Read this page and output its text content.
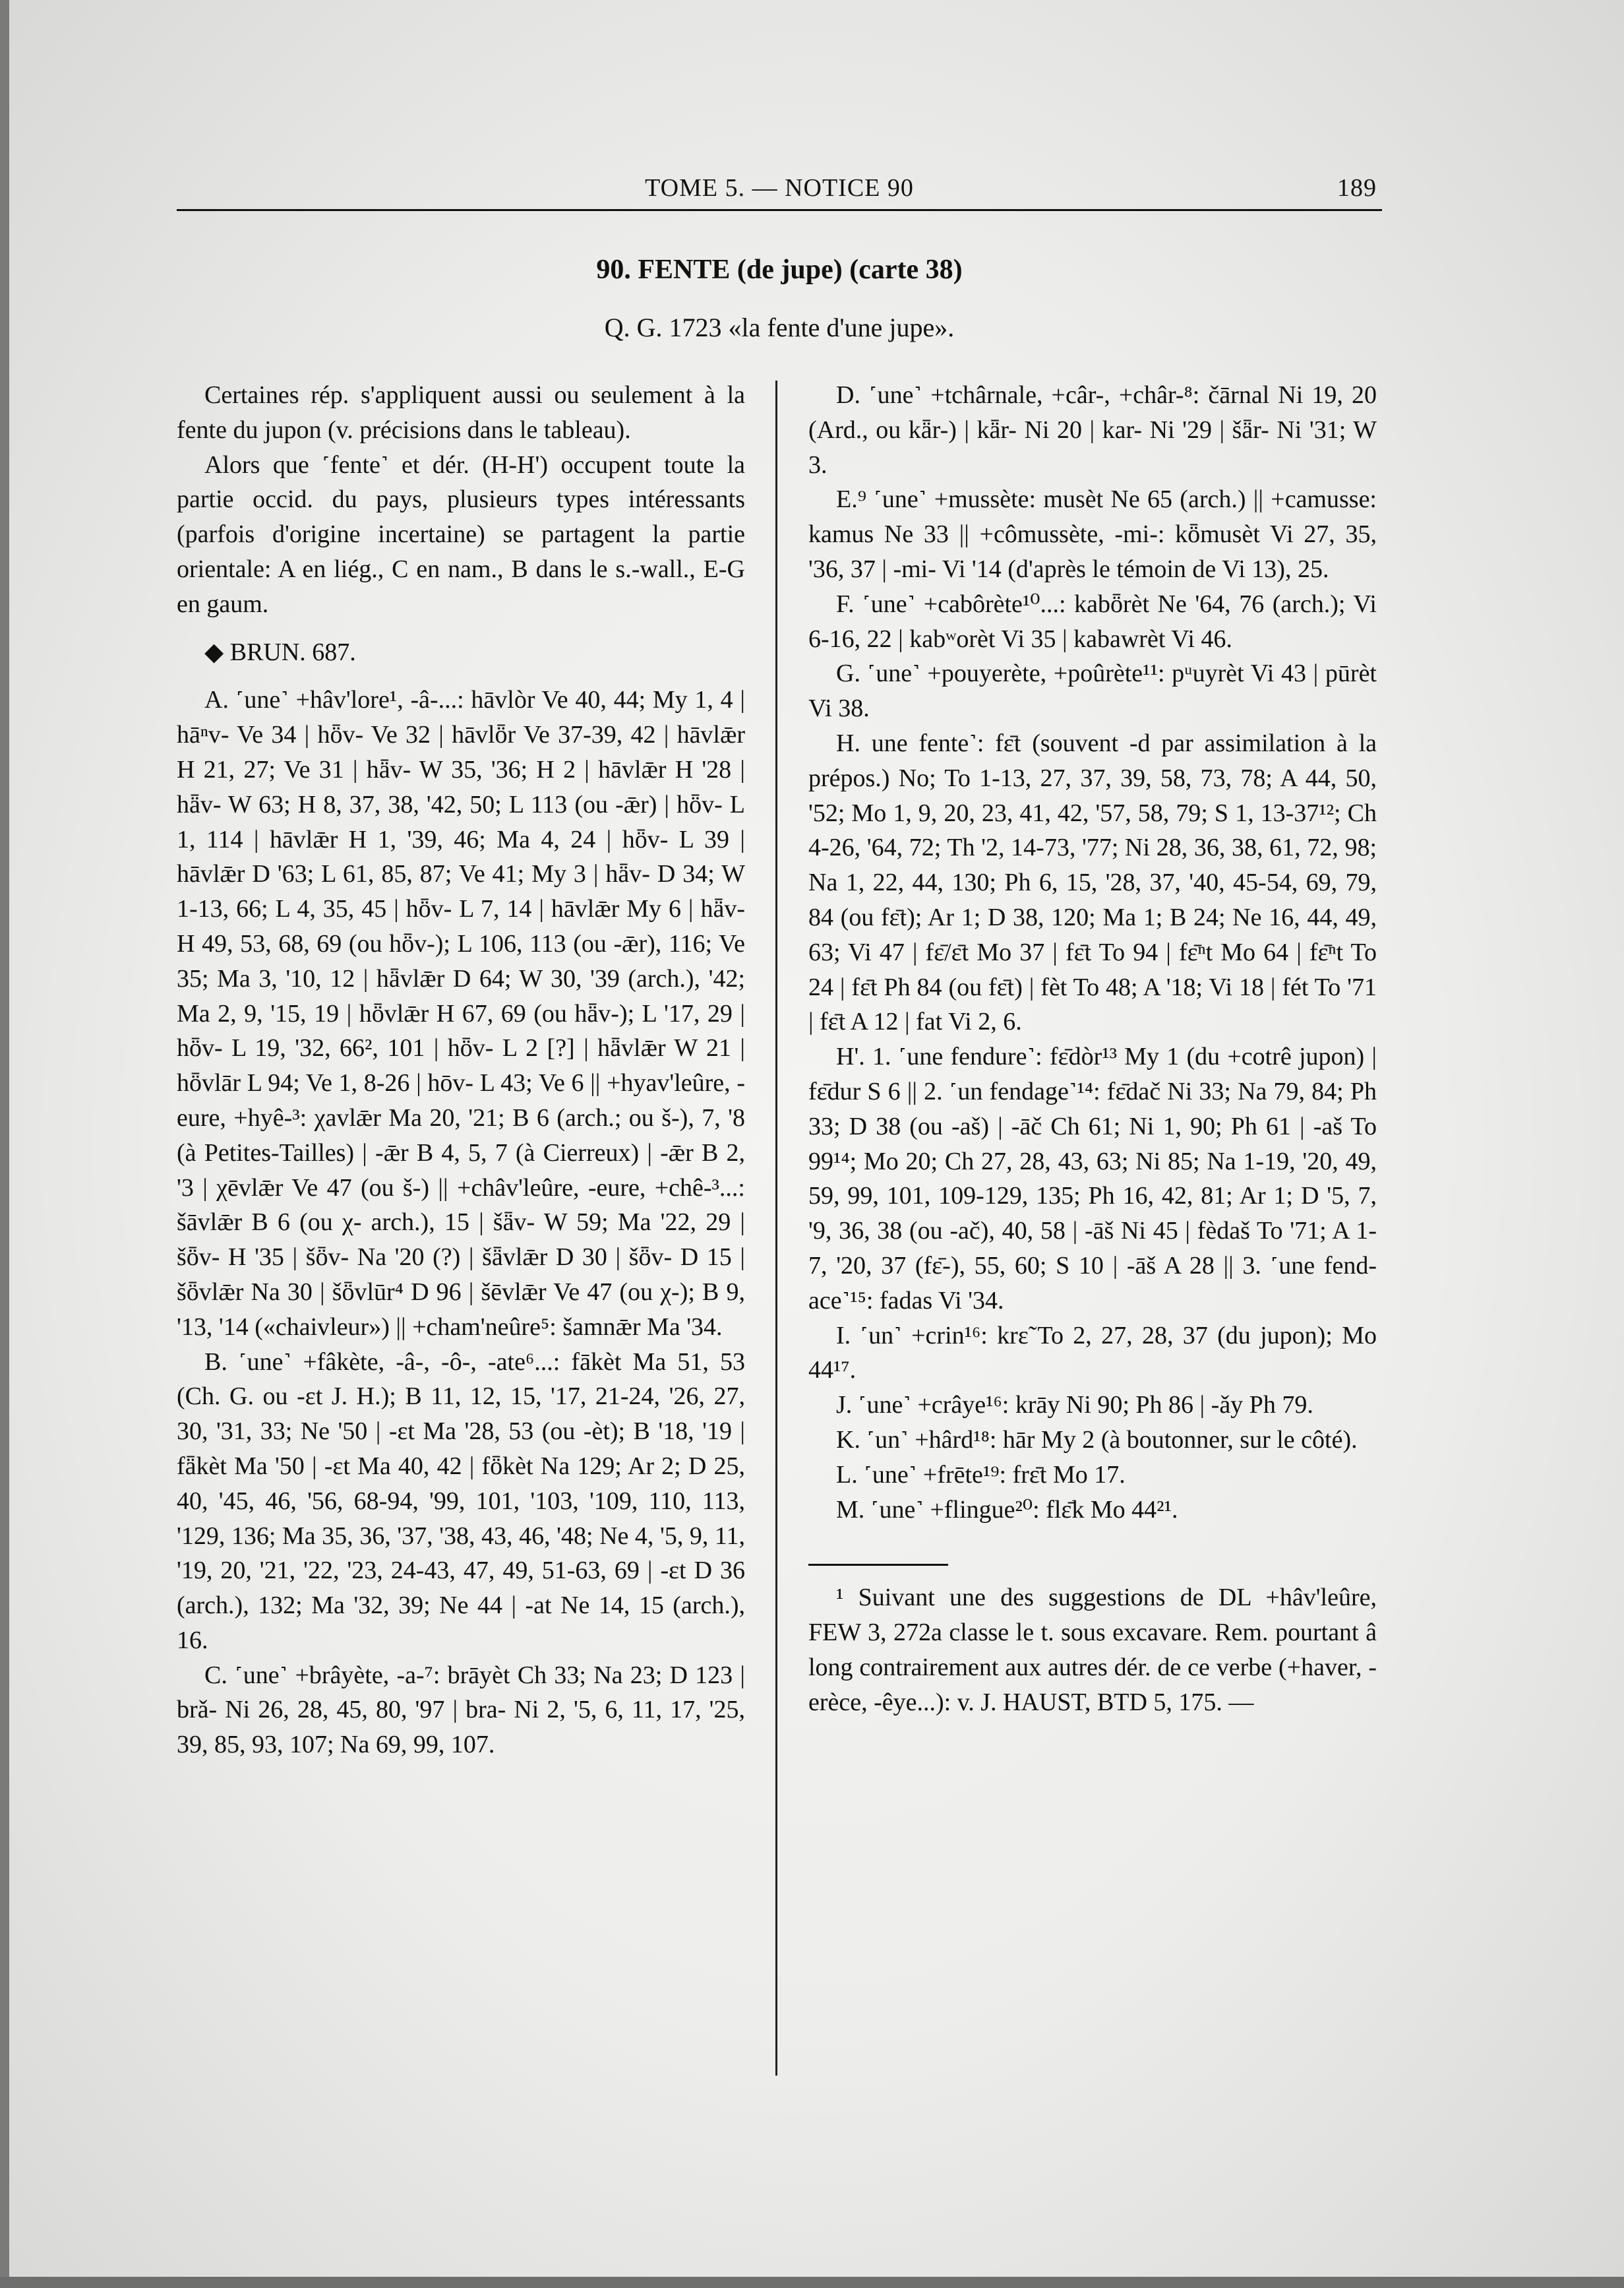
TOME 5. — NOTICE 90	189
90. FENTE (de jupe) (carte 38)
Q. G. 1723 «la fente d'une jupe».

Certaines rép. s'appliquent aussi ou seulement à la fente du jupon (v. précisions dans le tableau).

Alors que ˹fente˺ et dér. (H-H') occupent toute la partie occid. du pays, plusieurs types intéressants (parfois d'origine incertaine) se partagent la partie orientale: A en liég., C en nam., B dans le s.-wall., E-G en gaum.

◆ BRUN. 687.

A. ˹une˺ +hâv'lore¹, -â-...: hāvlòr Ve 40, 44; My 1, 4 | hāⁿv- Ve 34 | hȫv- Ve 32 | hāvlȫr Ve 37-39, 42 | hāvlǣr H 21, 27; Ve 31 | hǟv- W 35, '36; H 2 | hāvlǣr H '28 | hǟv- W 63; H 8, 37, 38, '42, 50; L 113 (ou -ǣr) | hȫv- L 1, 114 | hāvlǣr H 1, '39, 46; Ma 4, 24 | hȫv- L 39 | hāvlǣr D '63; L 61, 85, 87; Ve 41; My 3 | hǟv- D 34; W 1-13, 66; L 4, 35, 45 | hȫv- L 7, 14 | hāvlǣr My 6 | hǟv- H 49, 53, 68, 69 (ou hȫv-); L 106, 113 (ou -ǣr), 116; Ve 35; Ma 3, '10, 12 | hǟvlǣr D 64; W 30, '39 (arch.), '42; Ma 2, 9, '15, 19 | hȫvlǣr H 67, 69 (ou hǟv-); L '17, 29 | hȫv- L 19, '32, 66², 101 | hȫv- L 2 [?] | hǟvlǣr W 21 | hȫvlār L 94; Ve 1, 8-26 | hōv- L 43; Ve 6 || +hyav'leûre, -eure, +hyê-³: χavlǣr Ma 20, '21; B 6 (arch.; ou š-), 7, '8 (à Petites-Tailles) | -ǣr B 4, 5, 7 (à Cierreux) | -ǣr B 2, '3 | χēvlǣr Ve 47 (ou š-) || +châv'leûre, -eure, +chê-³...: šāvlǣr B 6 (ou χ- arch.), 15 | šǟv- W 59; Ma '22, 29 | šȫv- H '35 | šȫv- Na '20 (?) | šǟvlǣr D 30 | šȫv- D 15 | šȫvlǣr Na 30 | šȫvlūr⁴ D 96 | šēvlǣr Ve 47 (ou χ-); B 9, '13, '14 («chaivleur») || +cham'neûre⁵: šamnǣr Ma '34.

B. ˹une˺ +fâkète, -â-, -ô-, -ate⁶...: fākèt Ma 51, 53 (Ch. G. ou -ɛt J. H.); B 11, 12, 15, '17, 21-24, '26, 27, 30, '31, 33; Ne '50 | -ɛt Ma '28, 53 (ou -èt); B '18, '19 | fǟkèt Ma '50 | -ɛt Ma 40, 42 | fȫkèt Na 129; Ar 2; D 25, 40, '45, 46, '56, 68-94, '99, 101, '103, '109, 110, 113, '129, 136; Ma 35, 36, '37, '38, 43, 46, '48; Ne 4, '5, 9, 11, '19, 20, '21, '22, '23, 24-43, 47, 49, 51-63, 69 | -ɛt D 36 (arch.), 132; Ma '32, 39; Ne 44 | -at Ne 14, 15 (arch.), 16.

C. ˹une˺ +brâyète, -a-⁷: brāyèt Ch 33; Na 23; D 123 | brǎ- Ni 26, 28, 45, 80, '97 | bra- Ni 2, '5, 6, 11, 17, '25, 39, 85, 93, 107; Na 69, 99, 107.

D. ˹une˺ +tchârnale, +câr-, +châr-⁸: čārnal Ni 19, 20 (Ard., ou kǟr-) | kǟr- Ni 20 | kar- Ni '29 | šǟr- Ni '31; W 3.

E.⁹ ˹une˺ +mussète: musèt Ne 65 (arch.) || +camusse: kamus Ne 33 || +cômussète, -mi-: kȫmusèt Vi 27, 35, '36, 37 | -mi- Vi '14 (d'après le témoin de Vi 13), 25.

F. ˹une˺ +cabôrète¹⁰...: kabȫrèt Ne '64, 76 (arch.); Vi 6-16, 22 | kabʷorèt Vi 35 | kabawrèt Vi 46.

G. ˹une˺ +pouyerète, +poûrète¹¹: pᵘuyrèt Vi 43 | pūrèt Vi 38.

H. une fente˺: fɛ̄t (souvent -d par assimilation à la prépos.) No; To 1-13, 27, 37, 39, 58, 73, 78; A 44, 50, '52; Mo 1, 9, 20, 23, 41, 42, '57, 58, 79; S 1, 13-37¹²; Ch 4-26, '64, 72; Th '2, 14-73, '77; Ni 28, 36, 38, 61, 72, 98; Na 1, 22, 44, 130; Ph 6, 15, '28, 37, '40, 45-54, 69, 79, 84 (ou fɛ̄t); Ar 1; D 38, 120; Ma 1; B 24; Ne 16, 44, 49, 63; Vi 47 | fɛ̄/ɛ̄t Mo 37 | fɛ̄t To 94 | fɛ̄ⁿt Mo 64 | fɛ̄ⁿt To 24 | fɛ̄t Ph 84 (ou fɛ̄t) | fèt To 48; A '18; Vi 18 | fét To '71 | fɛ̄t A 12 | fat Vi 2, 6.

H'. 1. ˹une fendure˺: fɛ̄dòr¹³ My 1 (du +cotrê jupon) | fɛ̄dur S 6 || 2. ˹un fendage˺¹⁴: fɛ̄dač Ni 33; Na 79, 84; Ph 33; D 38 (ou -aš) | -āč Ch 61; Ni 1, 90; Ph 61 | -aš To 99¹⁴; Mo 20; Ch 27, 28, 43, 63; Ni 85; Na 1-19, '20, 49, 59, 99, 101, 109-129, 135; Ph 16, 42, 81; Ar 1; D '5, 7, '9, 36, 38 (ou -ač), 40, 58 | -āš Ni 45 | fèdaš To '71; A 1-7, '20, 37 (fɛ̄-), 55, 60; S 10 | -āš A 28 || 3. ˹une fend-ace˺¹⁵: fadas Vi '34.

I. ˹un˺ +crin¹⁶: krɛ̃ To 2, 27, 28, 37 (du jupon); Mo 44¹⁷.

J. ˹une˺ +crâye¹⁶: krāy Ni 90; Ph 86 | -ǎy Ph 79.

K. ˹un˺ +hârd¹⁸: hār My 2 (à boutonner, sur le côté).

L. ˹une˺ +frēte¹⁹: frɛ̄t Mo 17.

M. ˹une˺ +flingue²⁰: flɛ̄k Mo 44²¹.

¹ Suivant une des suggestions de DL +hâv'leûre, FEW 3, 272a classe le t. sous excavare. Rem. pourtant â long contrairement aux autres dér. de ce verbe (+haver, -erèce, -êye...): v. J. HAUST, BTD 5, 175. —
